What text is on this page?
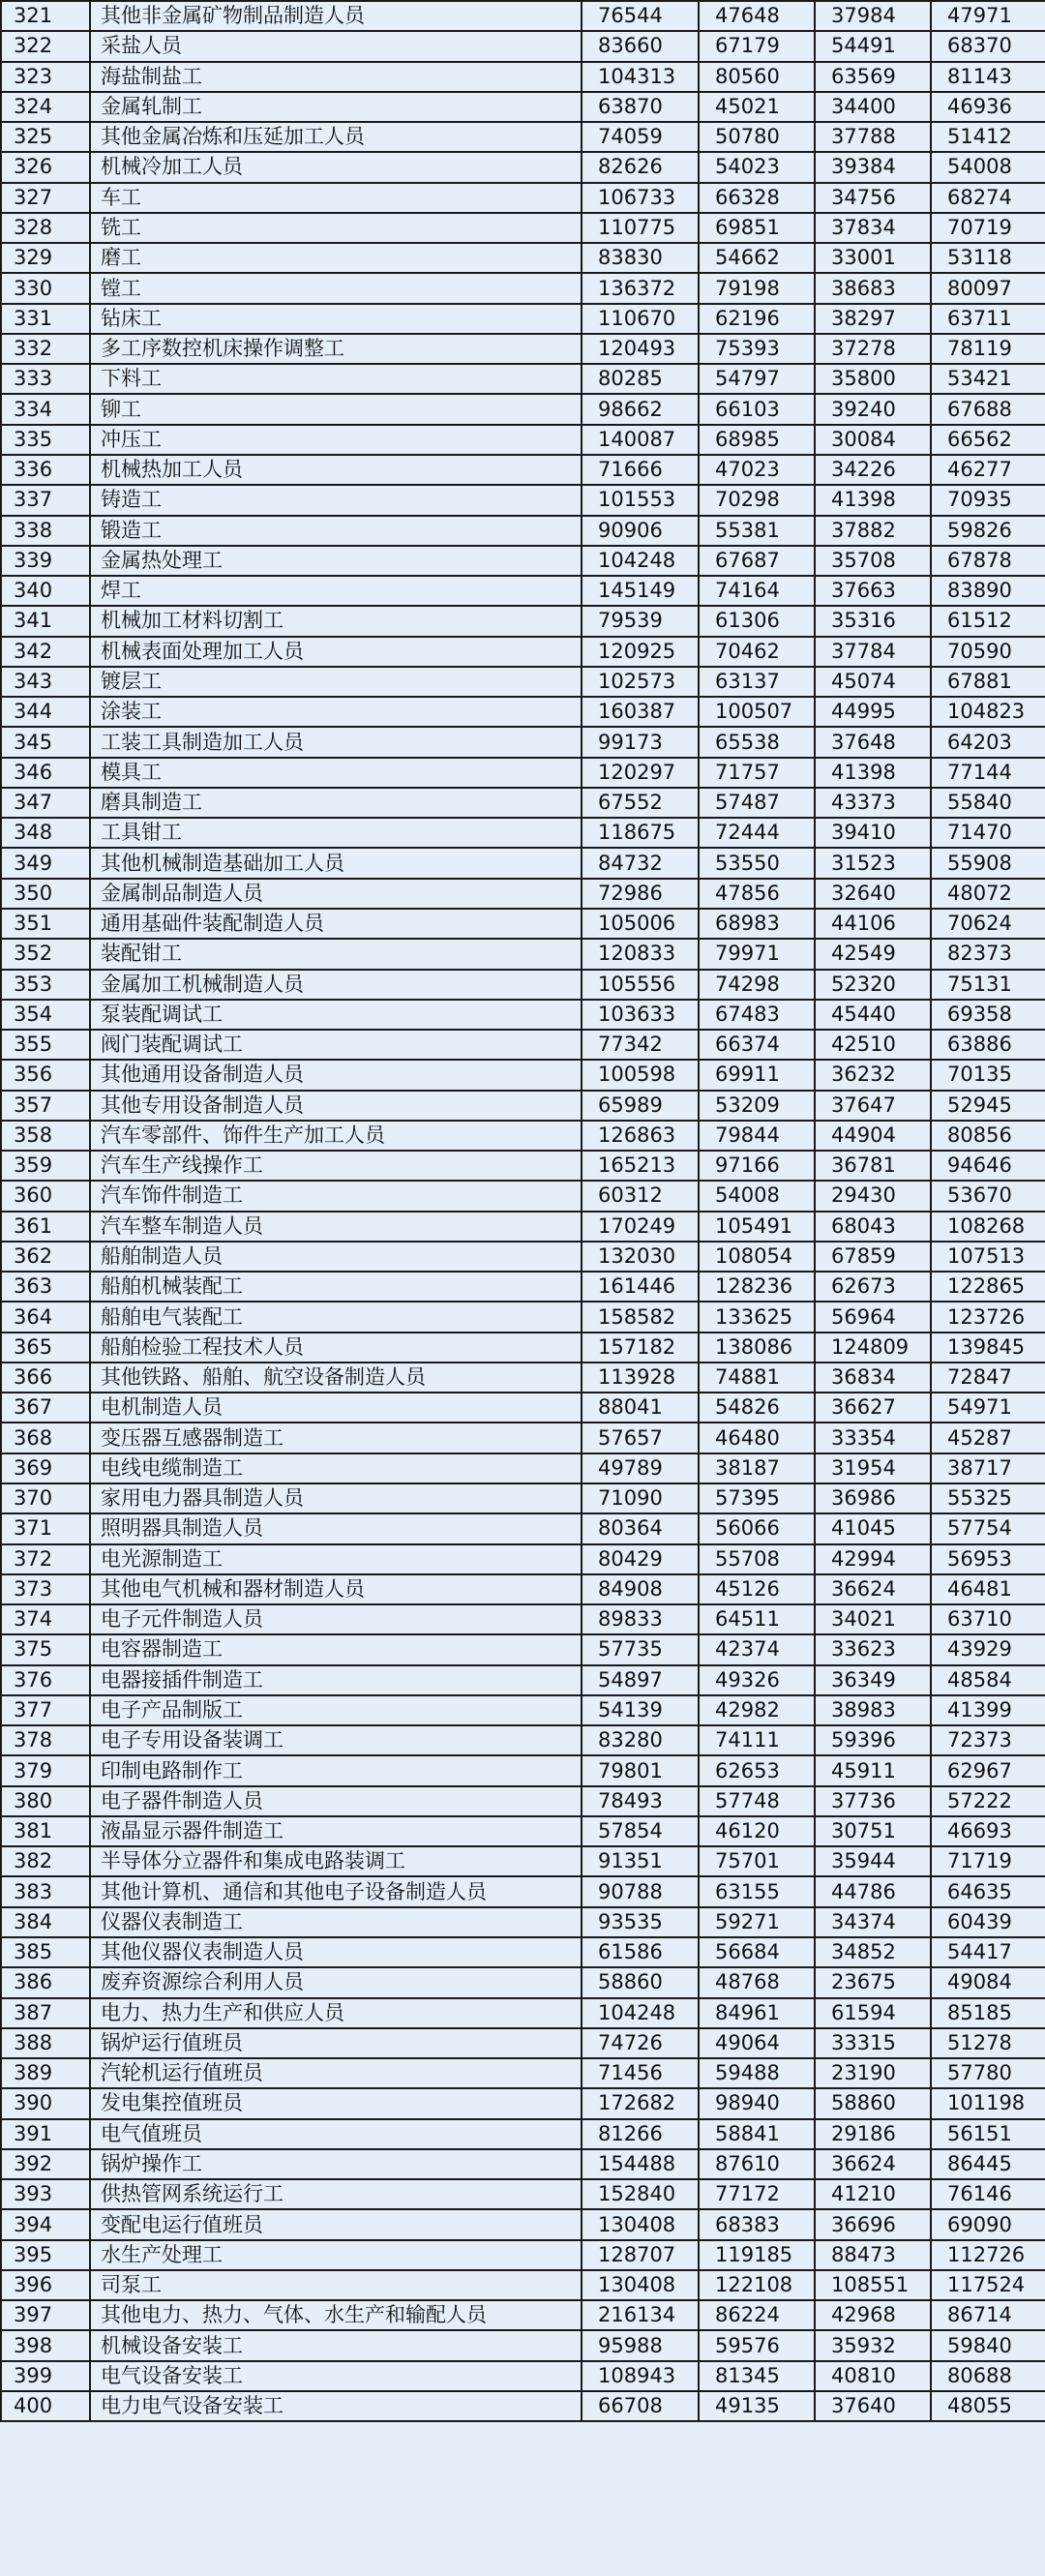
321	其他非金属矿物制品制造人员	76544	47648	37984	47971
322	采盐人员	83660	67179	54491	68370
323	海盐制盐工	104313	80560	63569	81143
324	金属轧制工	63870	45021	34400	46936
325	其他金属冶炼和压延加工人员	74059	50780	37788	51412
326	机械冷加工人员	82626	54023	39384	54008
327	车工	106733	66328	34756	68274
328	铣工	110775	69851	37834	70719
329	磨工	83830	54662	33001	53118
330	镗工	136372	79198	38683	80097
331	钻床工	110670	62196	38297	63711
332	多工序数控机床操作调整工	120493	75393	37278	78119
333	下料工	80285	54797	35800	53421
334	铆工	98662	66103	39240	67688
335	冲压工	140087	68985	30084	66562
336	机械热加工人员	71666	47023	34226	46277
337	铸造工	101553	70298	41398	70935
338	锻造工	90906	55381	37882	59826
339	金属热处理工	104248	67687	35708	67878
340	焊工	145149	74164	37663	83890
341	机械加工材料切割工	79539	61306	35316	61512
342	机械表面处理加工人员	120925	70462	37784	70590
343	镀层工	102573	63137	45074	67881
344	涂装工	160387	100507	44995	104823
345	工装工具制造加工人员	99173	65538	37648	64203
346	模具工	120297	71757	41398	77144
347	磨具制造工	67552	57487	43373	55840
348	工具钳工	118675	72444	39410	71470
349	其他机械制造基础加工人员	84732	53550	31523	55908
350	金属制品制造人员	72986	47856	32640	48072
351	通用基础件装配制造人员	105006	68983	44106	70624
352	装配钳工	120833	79971	42549	82373
353	金属加工机械制造人员	105556	74298	52320	75131
354	泵装配调试工	103633	67483	45440	69358
355	阀门装配调试工	77342	66374	42510	63886
356	其他通用设备制造人员	100598	69911	36232	70135
357	其他专用设备制造人员	65989	53209	37647	52945
358	汽车零部件、饰件生产加工人员	126863	79844	44904	80856
359	汽车生产线操作工	165213	97166	36781	94646
360	汽车饰件制造工	60312	54008	29430	53670
361	汽车整车制造人员	170249	105491	68043	108268
362	船舶制造人员	132030	108054	67859	107513
363	船舶机械装配工	161446	128236	62673	122865
364	船舶电气装配工	158582	133625	56964	123726
365	船舶检验工程技术人员	157182	138086	124809	139845
366	其他铁路、船舶、航空设备制造人员	113928	74881	36834	72847
367	电机制造人员	88041	54826	36627	54971
368	变压器互感器制造工	57657	46480	33354	45287
369	电线电缆制造工	49789	38187	31954	38717
370	家用电力器具制造人员	71090	57395	36986	55325
371	照明器具制造人员	80364	56066	41045	57754
372	电光源制造工	80429	55708	42994	56953
373	其他电气机械和器材制造人员	84908	45126	36624	46481
374	电子元件制造人员	89833	64511	34021	63710
375	电容器制造工	57735	42374	33623	43929
376	电器接插件制造工	54897	49326	36349	48584
377	电子产品制版工	54139	42982	38983	41399
378	电子专用设备装调工	83280	74111	59396	72373
379	印制电路制作工	79801	62653	45911	62967
380	电子器件制造人员	78493	57748	37736	57222
381	液晶显示器件制造工	57854	46120	30751	46693
382	半导体分立器件和集成电路装调工	91351	75701	35944	71719
383	其他计算机、通信和其他电子设备制造人员	90788	63155	44786	64635
384	仪器仪表制造工	93535	59271	34374	60439
385	其他仪器仪表制造人员	61586	56684	34852	54417
386	废弃资源综合利用人员	58860	48768	23675	49084
387	电力、热力生产和供应人员	104248	84961	61594	85185
388	锅炉运行值班员	74726	49064	33315	51278
389	汽轮机运行值班员	71456	59488	23190	57780
390	发电集控值班员	172682	98940	58860	101198
391	电气值班员	81266	58841	29186	56151
392	锅炉操作工	154488	87610	36624	86445
393	供热管网系统运行工	152840	77172	41210	76146
394	变配电运行值班员	130408	68383	36696	69090
395	水生产处理工	128707	119185	88473	112726
396	司泵工	130408	122108	108551	117524
397	其他电力、热力、气体、水生产和输配人员	216134	86224	42968	86714
398	机械设备安装工	95988	59576	35932	59840
399	电气设备安装工	108943	81345	40810	80688
400	电力电气设备安装工	66708	49135	37640	48055
